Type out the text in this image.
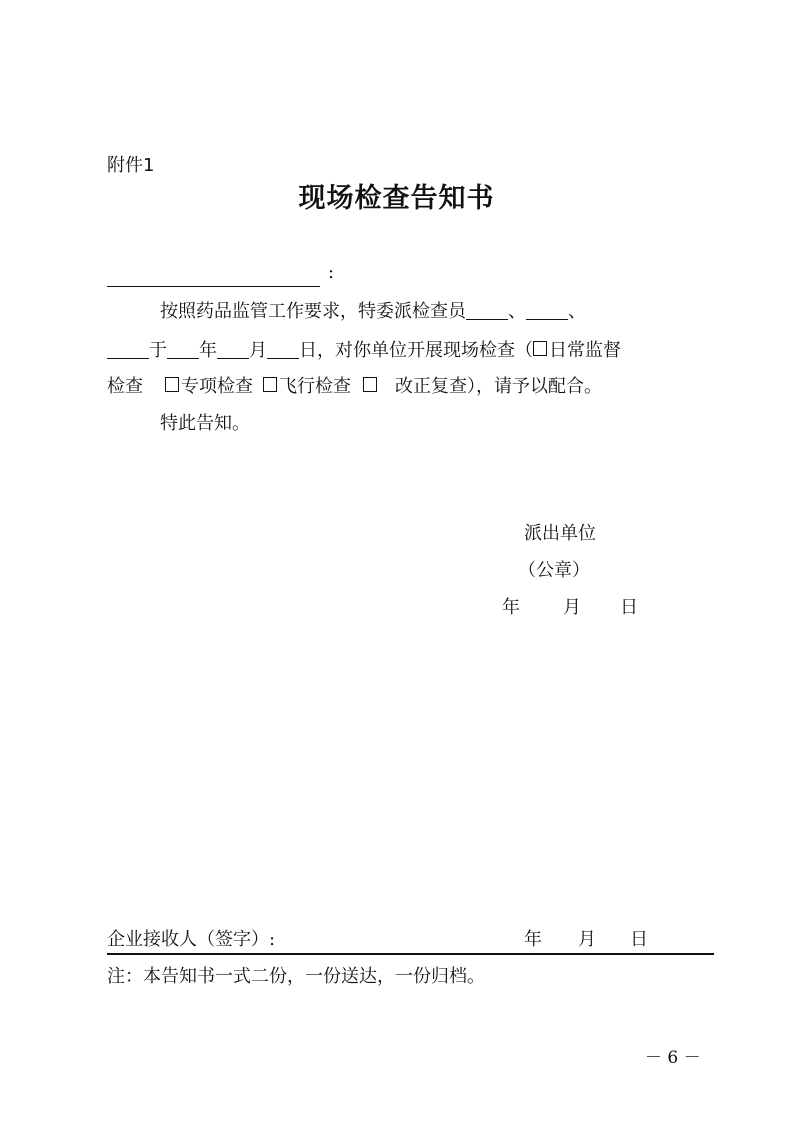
附件1
现场检查告知书
:
按照药品监管工作要求，特委派检查员 、 、
于 年 月 日，对你单位开展现场检查（ 日常监督
检查 专项检查 飞行检查 改正复查），请予以配合。
特此告知。
派出单位
（公章）
年 月 日
企业接收人（签字）:	年 月 日
注：本告知书一式二份，一份送达，一份归档。
－ 6 －
